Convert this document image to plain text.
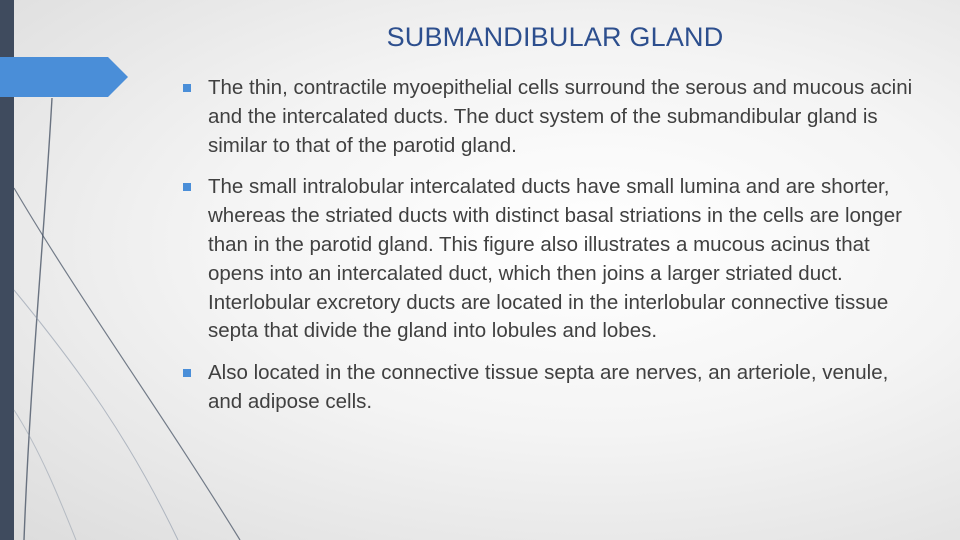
SUBMANDIBULAR GLAND
The thin, contractile myoepithelial cells surround the serous and mucous acini and the intercalated ducts. The duct system of the submandibular gland is similar to that of the parotid gland.
The small intralobular intercalated ducts have small lumina and are shorter, whereas the striated ducts with distinct basal striations in the cells are longer than in the parotid gland. This figure also illustrates a mucous acinus that opens into an intercalated duct, which then joins a larger striated duct. Interlobular excretory ducts are located in the interlobular connective tissue septa that divide the gland into lobules and lobes.
Also located in the connective tissue septa are nerves, an arteriole, venule, and adipose cells.
